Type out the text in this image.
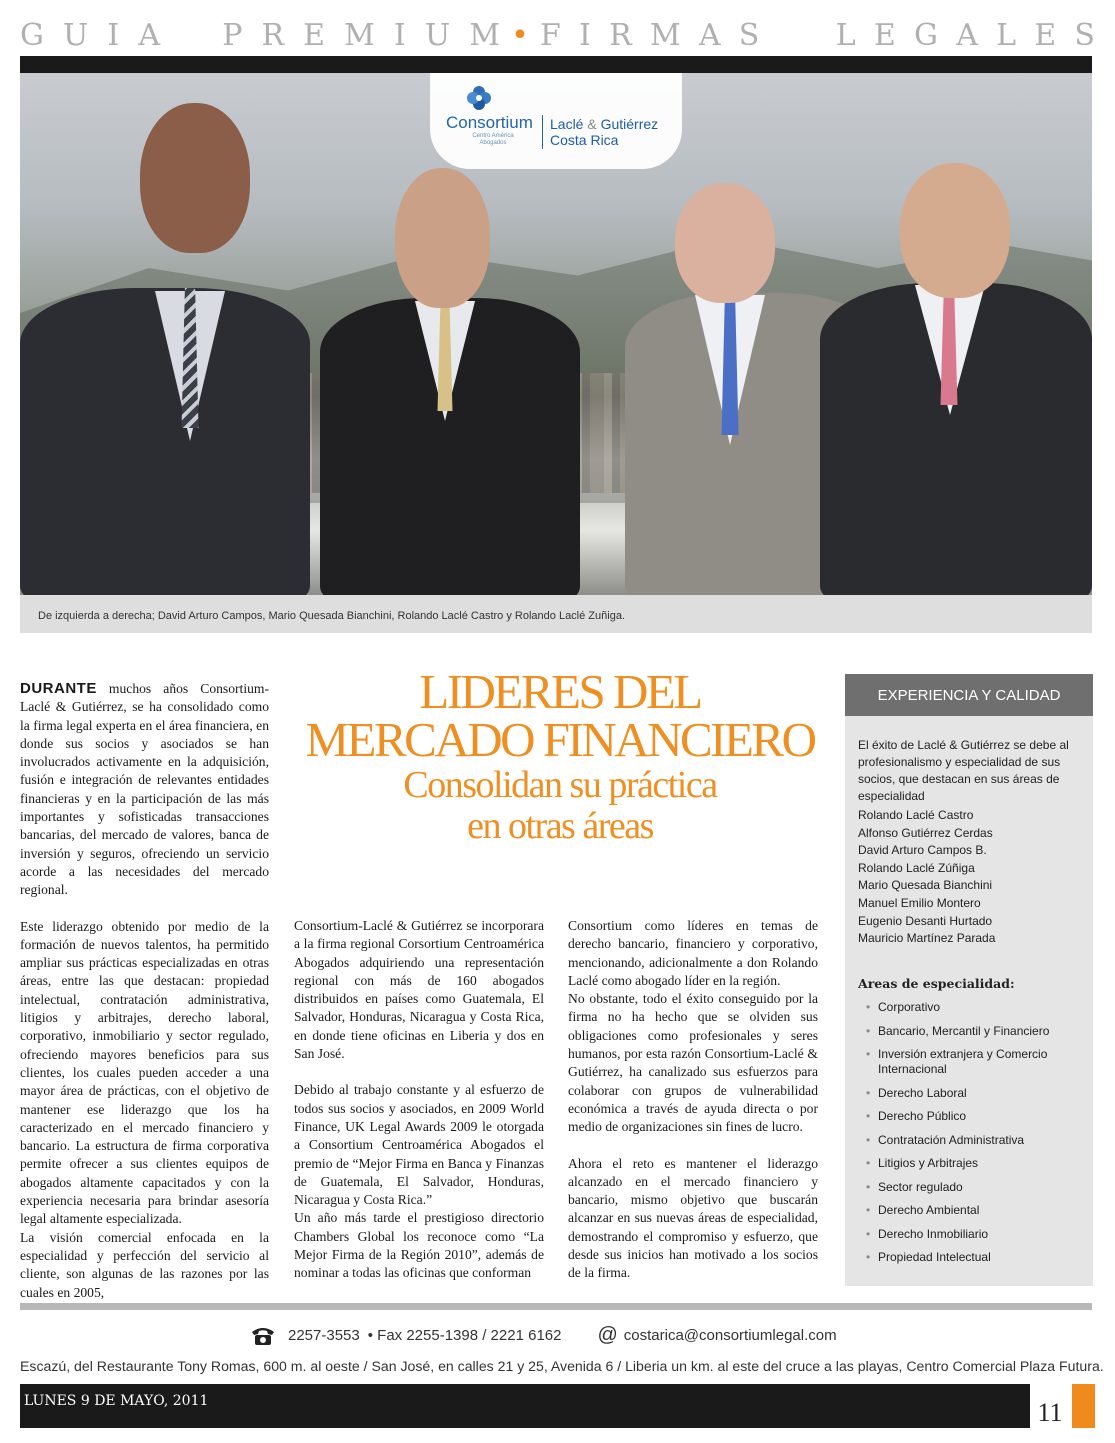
G U I A P R E M I U M • F I R M A S	L E G A L E S
Consortium
Centro América
Abogados
Laclé & Gutiérrez
Costa Rica
De izquierda a derecha; David Arturo Campos, Mario Quesada Bianchini, Rolando Laclé Castro y Rolando Laclé Zuñiga.

DURANTE muchos años Consortium-Laclé & Gutiérrez, se ha consolidado como la firma legal experta en el área financiera, en donde sus socios y asociados se han involucrados activamente en la adquisición, fusión e integración de relevantes entidades financieras y en la participación de las más importantes y sofisticadas transacciones bancarias, del mercado de valores, banca de inversión y seguros, ofreciendo un servicio acorde a las necesidades del mercado regional.

Este liderazgo obtenido por medio de la formación de nuevos talentos, ha permitido ampliar sus prácticas especializadas en otras áreas, entre las que destacan: propiedad intelectual, contratación administrativa, litigios y arbitrajes, derecho laboral, corporativo, inmobiliario y sector regulado, ofreciendo mayores beneficios para sus clientes, los cuales pueden acceder a una mayor área de prácticas, con el objetivo de mantener ese liderazgo que los ha caracterizado en el mercado financiero y bancario. La estructura de firma corporativa permite ofrecer a sus clientes equipos de abogados altamente capacitados y con la experiencia necesaria para brindar asesoría legal altamente especializada.

La visión comercial enfocada en la especialidad y perfección del servicio al cliente, son algunas de las razones por las cuales en 2005,

LIDERES DEL
MERCADO FINANCIERO
Consolidan su práctica
en otras áreas

Consortium-Laclé & Gutiérrez se incorporara a la firma regional Corsortium Centroamérica Abogados adquiriendo una representación regional con más de 160 abogados distribuidos en países como Guatemala, El Salvador, Honduras, Nicaragua y Costa Rica, en donde tiene oficinas en Liberia y dos en San José.

Debido al trabajo constante y al esfuerzo de todos sus socios y asociados, en 2009 World Finance, UK Legal Awards 2009 le otorgada a Consortium Centroamérica Abogados el premio de “Mejor Firma en Banca y Finanzas de Guatemala, El Salvador, Honduras, Nicaragua y Costa Rica.”

Un año más tarde el prestigioso directorio Chambers Global los reconoce como “La Mejor Firma de la Región 2010”, además de nominar a todas las oficinas que conforman

Consortium como líderes en temas de derecho bancario, financiero y corporativo, mencionando, adicionalmente a don Rolando Laclé como abogado líder en la región.

No obstante, todo el éxito conseguido por la firma no ha hecho que se olviden sus obligaciones como profesionales y seres humanos, por esta razón Consortium-Laclé & Gutiérrez, ha canalizado sus esfuerzos para colaborar con grupos de vulnerabilidad económica a través de ayuda directa o por medio de organizaciones sin fines de lucro.

Ahora el reto es mantener el liderazgo alcanzado en el mercado financiero y bancario, mismo objetivo que buscarán alcanzar en sus nuevas áreas de especialidad, demostrando el compromiso y esfuerzo, que desde sus inicios han motivado a los socios de la firma.

EXPERIENCIA Y CALIDAD
El éxito de Laclé & Gutiérrez se debe al profesionalismo y especialidad de sus socios, que destacan en sus áreas de especialidad
Rolando Laclé Castro
Alfonso Gutiérrez Cerdas
David Arturo Campos B.
Rolando Laclé Zúñiga
Mario Quesada Bianchini
Manuel Emilio Montero
Eugenio Desanti Hurtado
Mauricio Martínez Parada
Areas de especialidad:
• Corporativo
• Bancario, Mercantil y Financiero
• Inversión extranjera y Comercio Internacional
• Derecho Laboral
• Derecho Público
• Contratación Administrativa
• Litigios y Arbitrajes
• Sector regulado
• Derecho Ambiental
• Derecho Inmobiliario
• Propiedad Intelectual
2257-3553 • Fax 2255-1398 / 2221 6162 @ costarica@consortiumlegal.com
Escazú, del Restaurante Tony Romas, 600 m. al oeste / San José, en calles 21 y 25, Avenida 6 / Liberia un km. al este del cruce a las playas, Centro Comercial Plaza Futura.
LUNES 9 DE MAYO, 2011	11
